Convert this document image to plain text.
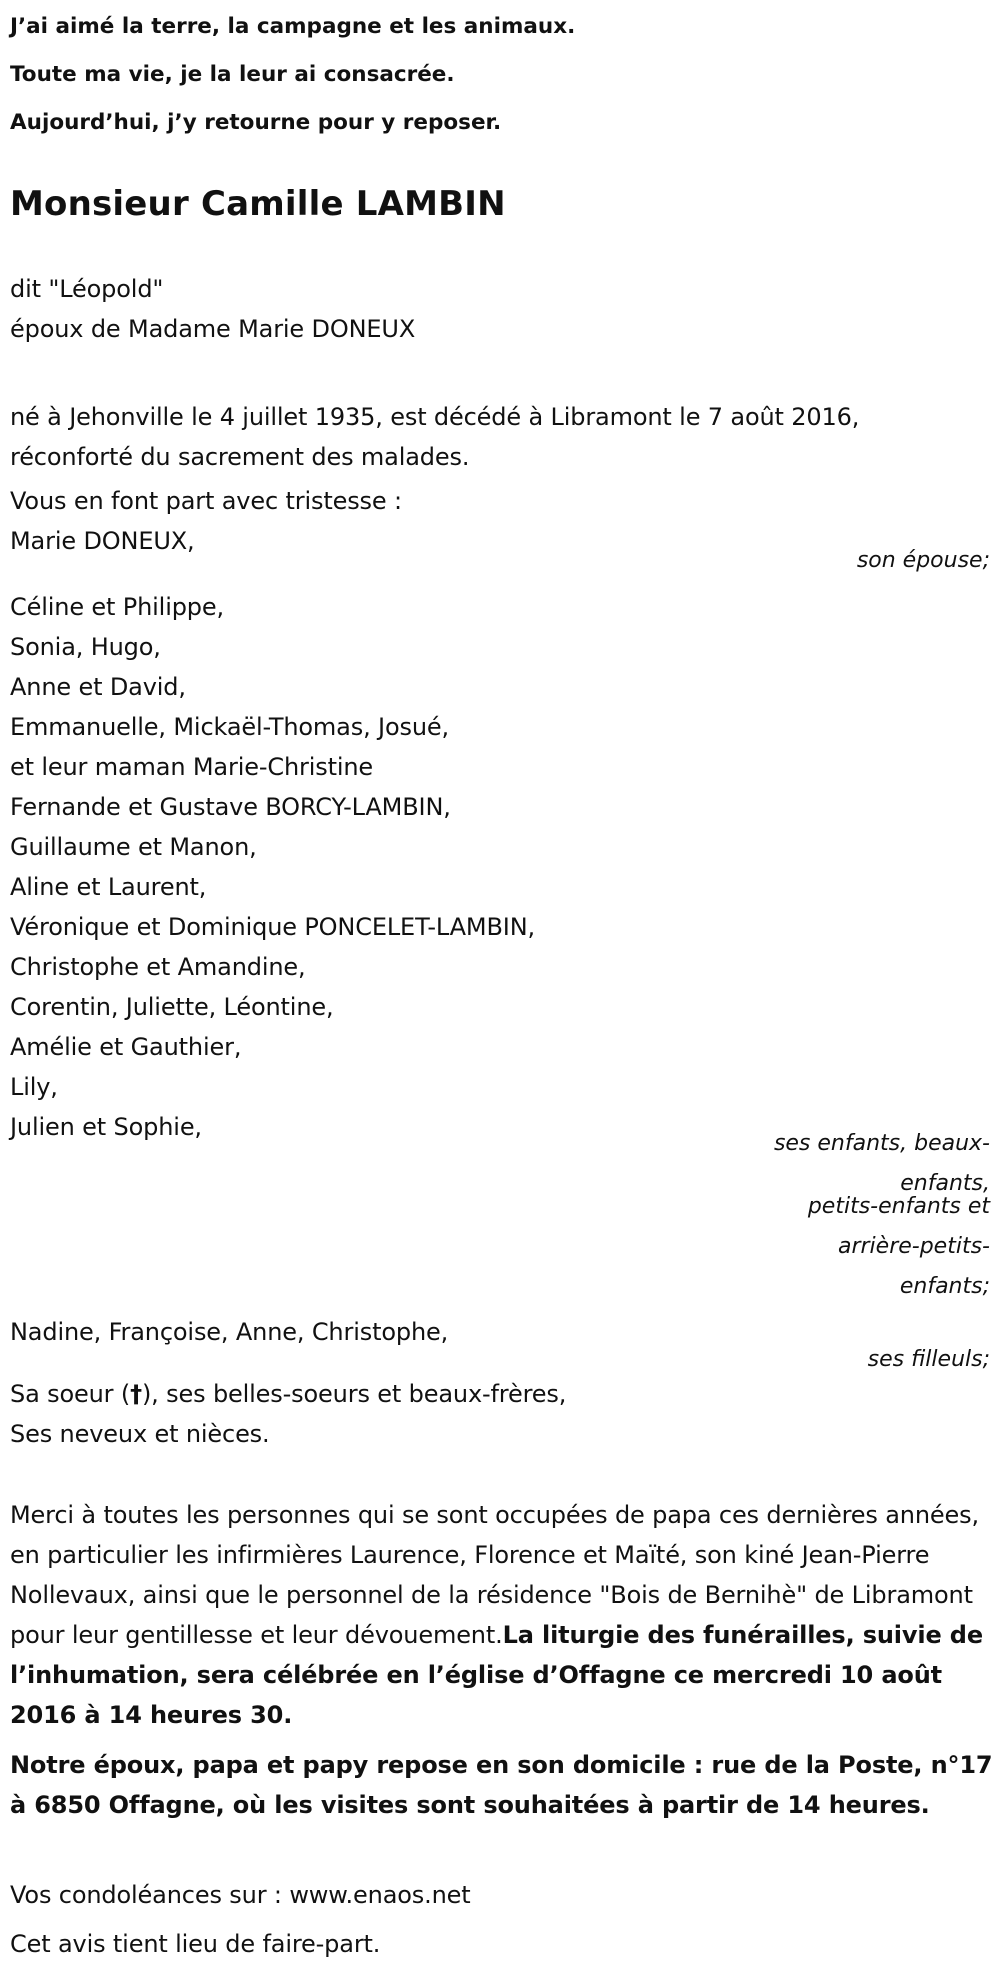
J’ai aimé la terre, la campagne et les animaux.
Toute ma vie, je la leur ai consacrée.
Aujourd’hui, j’y retourne pour y reposer.
Monsieur Camille LAMBIN
dit "Léopold"
époux de Madame Marie DONEUX
né à Jehonville le 4 juillet 1935, est décédé à Libramont le 7 août 2016,
réconforté du sacrement des malades.
Vous en font part avec tristesse :
Marie DONEUX,
son épouse;
Céline et Philippe,
Sonia, Hugo,
Anne et David,
Emmanuelle, Mickaël-Thomas, Josué,
et leur maman Marie-Christine
Fernande et Gustave BORCY-LAMBIN,
Guillaume et Manon,
Aline et Laurent,
Véronique et Dominique PONCELET-LAMBIN,
Christophe et Amandine,
Corentin, Juliette, Léontine,
Amélie et Gauthier,
Lily,
Julien et Sophie,
ses enfants, beaux-
enfants,
petits-enfants et
arrière-petits-
enfants;
Nadine, Françoise, Anne, Christophe,
ses filleuls;
Sa soeur (†), ses belles-soeurs et beaux-frères,
Ses neveux et nièces.
Merci à toutes les personnes qui se sont occupées de papa ces dernières années, en particulier les infirmières Laurence, Florence et Maïté, son kiné Jean-Pierre Nollevaux, ainsi que le personnel de la résidence "Bois de Bernihè" de Libramont pour leur gentillesse et leur dévouement.La liturgie des funérailles, suivie de l’inhumation, sera célébrée en l’église d’Offagne ce mercredi 10 août 2016 à 14 heures 30.
Notre époux, papa et papy repose en son domicile : rue de la Poste, n°17 à 6850 Offagne, où les visites sont souhaitées à partir de 14 heures.
Vos condoléances sur : www.enaos.net
Cet avis tient lieu de faire-part.
